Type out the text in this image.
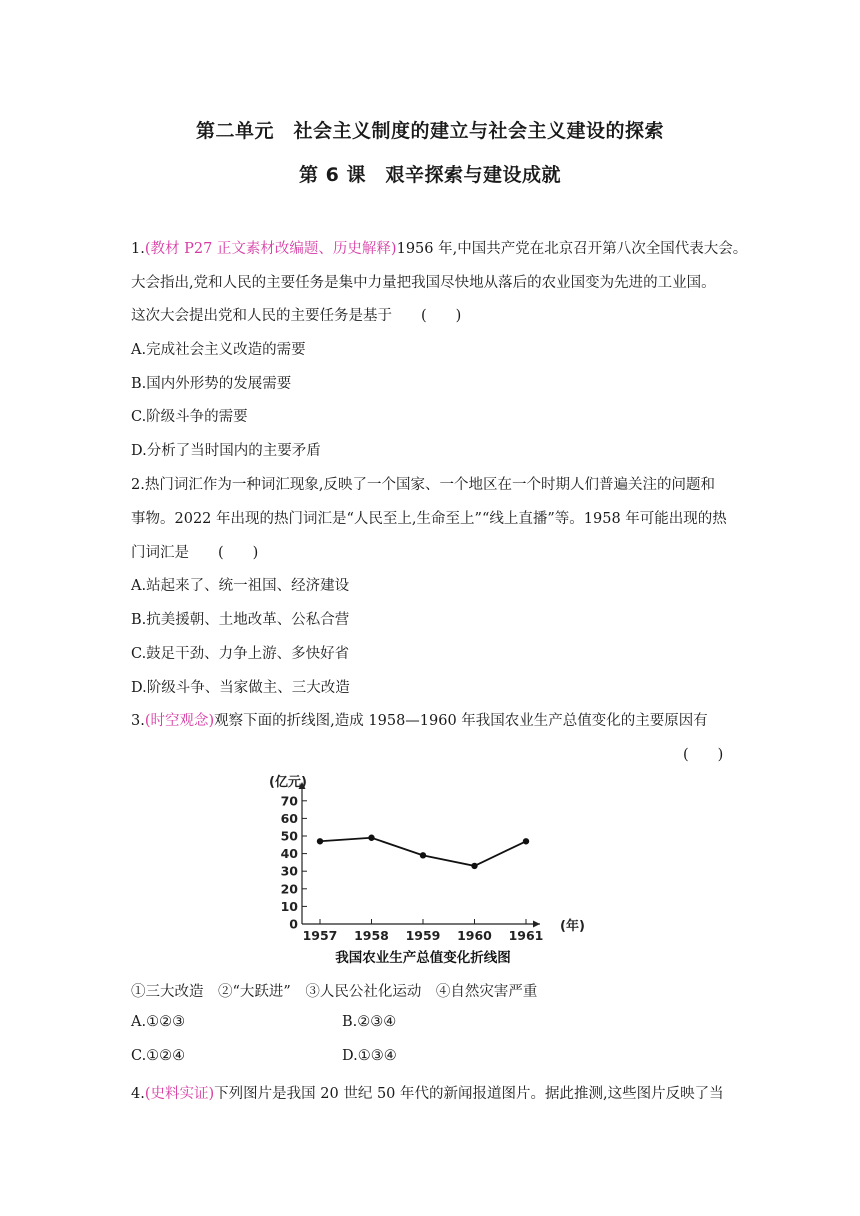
第二单元　社会主义制度的建立与社会主义建设的探索
第 6 课　艰辛探索与建设成就
1.(教材 P27 正文素材改编题、历史解释)1956 年,中国共产党在北京召开第八次全国代表大会。
大会指出,党和人民的主要任务是集中力量把我国尽快地从落后的农业国变为先进的工业国。
这次大会提出党和人民的主要任务是基于　　(　　)
A.完成社会主义改造的需要
B.国内外形势的发展需要
C.阶级斗争的需要
D.分析了当时国内的主要矛盾
2.热门词汇作为一种词汇现象,反映了一个国家、一个地区在一个时期人们普遍关注的问题和
事物。2022 年出现的热门词汇是“人民至上,生命至上”“线上直播”等。1958 年可能出现的热
门词汇是　　(　　)
A.站起来了、统一祖国、经济建设
B.抗美援朝、土地改革、公私合营
C.鼓足干劲、力争上游、多快好省
D.阶级斗争、当家做主、三大改造
3.(时空观念)观察下面的折线图,造成 1958—1960 年我国农业生产总值变化的主要原因有
(　　)
(亿元)
(年)
0
10
20
30
40
50
60
70
1957 1958 1959 1960 1961
我国农业生产总值变化折线图
①三大改造　②“大跃进”　③人民公社化运动　④自然灾害严重
A.①②③	B.②③④
C.①②④	D.①③④
4.(史料实证)下列图片是我国 20 世纪 50 年代的新闻报道图片。据此推测,这些图片反映了当
